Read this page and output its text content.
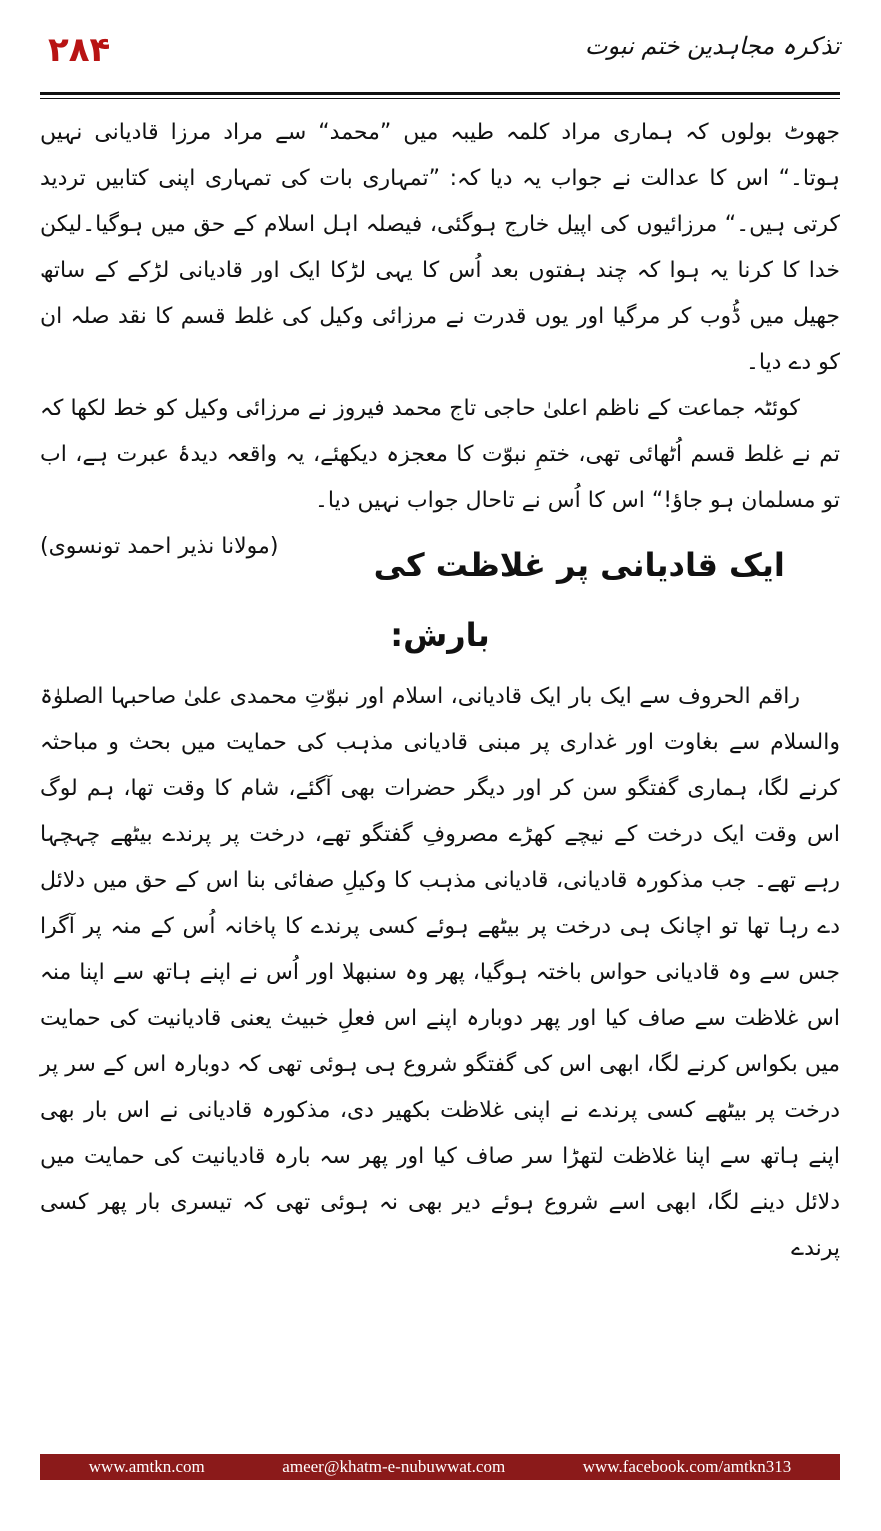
۲۸۴	تذکرہ مجاہدین ختم نبوت

جھوٹ بولوں کہ ہماری مراد کلمہ طیبہ میں ”محمد“ سے مراد مرزا قادیانی نہیں ہوتا۔“ اس کا عدالت نے جواب یہ دیا کہ: ”تمہاری بات کی تمہاری اپنی کتابیں تردید کرتی ہیں۔“ مرزائیوں کی اپیل خارج ہوگئی، فیصلہ اہل اسلام کے حق میں ہوگیا۔لیکن خدا کا کرنا یہ ہوا کہ چند ہفتوں بعد اُس کا یہی لڑکا ایک اور قادیانی لڑکے کے ساتھ جھیل میں ڈُوب کر مرگیا اور یوں قدرت نے مرزائی وکیل کی غلط قسم کا نقد صلہ ان کو دے دیا۔

کوئٹہ جماعت کے ناظم اعلیٰ حاجی تاج محمد فیروز نے مرزائی وکیل کو خط لکھا کہ تم نے غلط قسم اُٹھائی تھی، ختمِ نبوّت کا معجزہ دیکھئے، یہ واقعہ دیدۂ عبرت ہے، اب تو مسلمان ہو جاؤ!“ اس کا اُس نے تاحال جواب نہیں دیا۔
(مولانا نذیر احمد تونسوی)	ایک قادیانی پر غلاظت کی بارش:

راقم الحروف سے ایک بار ایک قادیانی، اسلام اور نبوّتِ محمدی علیٰ صاحبہا الصلوٰۃ والسلام سے بغاوت اور غداری پر مبنی قادیانی مذہب کی حمایت میں بحث و مباحثہ کرنے لگا، ہماری گفتگو سن کر اور دیگر حضرات بھی آگئے، شام کا وقت تھا، ہم لوگ اس وقت ایک درخت کے نیچے کھڑے مصروفِ گفتگو تھے، درخت پر پرندے بیٹھے چہچہا رہے تھے۔ جب مذکورہ قادیانی، قادیانی مذہب کا وکیلِ صفائی بنا اس کے حق میں دلائل دے رہا تھا تو اچانک ہی درخت پر بیٹھے ہوئے کسی پرندے کا پاخانہ اُس کے منہ پر آگرا جس سے وہ قادیانی حواس باختہ ہوگیا، پھر وہ سنبھلا اور اُس نے اپنے ہاتھ سے اپنا منہ اس غلاظت سے صاف کیا اور پھر دوبارہ اپنے اس فعلِ خبیث یعنی قادیانیت کی حمایت میں بکواس کرنے لگا، ابھی اس کی گفتگو شروع ہی ہوئی تھی کہ دوبارہ اس کے سر پر درخت پر بیٹھے کسی پرندے نے اپنی غلاظت بکھیر دی، مذکورہ قادیانی نے اس بار بھی اپنے ہاتھ سے اپنا غلاظت لتھڑا سر صاف کیا اور پھر سہ بارہ قادیانیت کی حمایت میں دلائل دینے لگا، ابھی اسے شروع ہوئے دیر بھی نہ ہوئی تھی کہ تیسری بار پھر کسی پرندے

www.amtkn.com	ameer@khatm-e-nubuwwat.com	www.facebook.com/amtkn313
